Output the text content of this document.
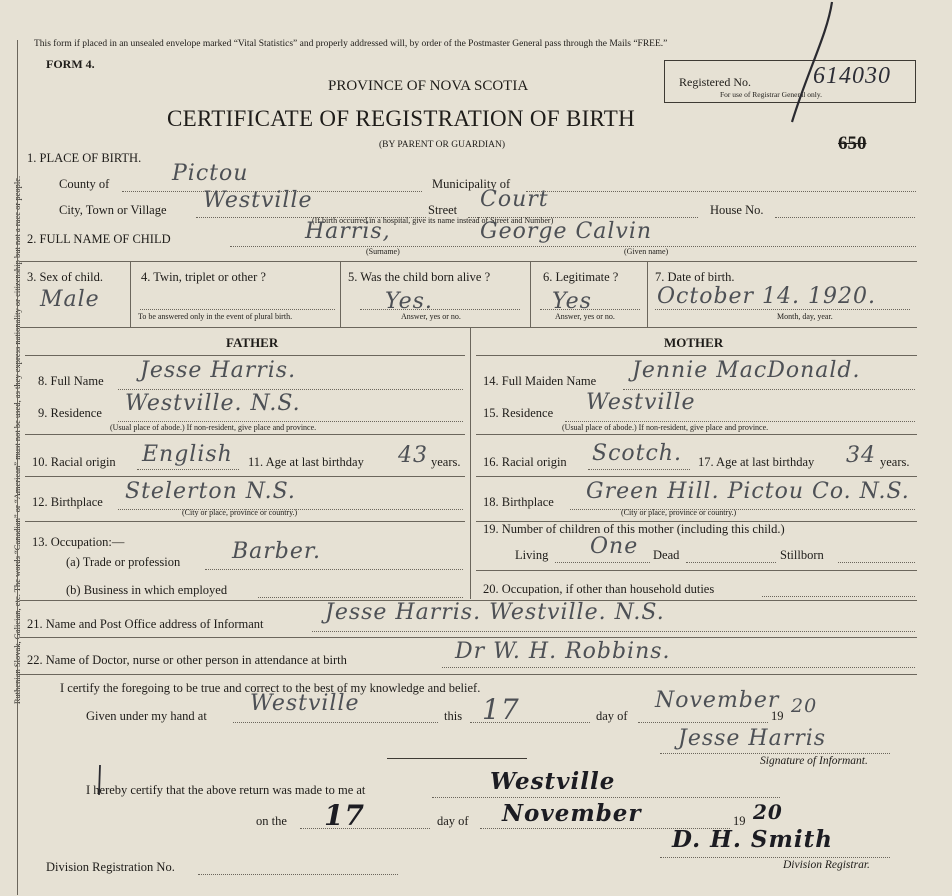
Ruthenian Slovak, Galician, etc. The words “Canadian” or “American” must not be used, as they express nationality or citizenship but not a race or people.
This form if placed in an unsealed envelope marked “Vital Statistics” and properly addressed will, by order of the Postmaster General pass through the Mails “FREE.”
FORM 4.
PROVINCE OF NOVA SCOTIA
CERTIFICATE OF REGISTRATION OF BIRTH
(BY PARENT OR GUARDIAN)
Registered No.	614030
For use of Registrar General only.
650
1. PLACE OF BIRTH.
County of	Pictou	Municipality of
City, Town or Village Westville	Street Court	House No.
(If birth occurred in a hospital, give its name instead of Street and Number)
2. FULL NAME OF CHILD	Harris,	George Calvin
(Surname)	(Given name)
3. Sex of child.
Male
4. Twin, triplet or other ?
To be answered only in the event of plural birth.
5. Was the child born alive ?
Yes.
Answer, yes or no.
6. Legitimate ?
Yes
Answer, yes or no.
7. Date of birth.
October 14. 1920.
Month, day, year.
FATHER	MOTHER
8. Full Name Jesse Harris.
9. Residence Westville. N.S.
(Usual place of abode.) If non-resident, give place and province.
10. Racial origin English 11. Age at last birthday 43 years.
12. Birthplace Stelerton N.S.
(City or place, province or country.)
13. Occupation:—
(a) Trade or profession Barber.
(b) Business in which employed
14. Full Maiden Name Jennie MacDonald.
15. Residence Westville
(Usual place of abode.) If non-resident, give place and province.
16. Racial origin Scotch. 17. Age at last birthday 34 years.
18. Birthplace Green Hill. Pictou Co. N.S.
(City or place, province or country.)
19. Number of children of this mother (including this child.)
Living One Dead	Stillborn
20. Occupation, if other than household duties
21. Name and Post Office address of Informant	Jesse Harris. Westville. N.S.
22. Name of Doctor, nurse or other person in attendance at birth	Dr W. H. Robbins.
I certify the foregoing to be true and correct to the best of my knowledge and belief.
Given under my hand at Westville	this 17	day of
November
19 20
Jesse Harris
Signature of Informant.
I hereby certify that the above return was made to me at	Westville
on the 17	day of November	19 20
Division Registration No.
D. H. Smith
Division Registrar.
